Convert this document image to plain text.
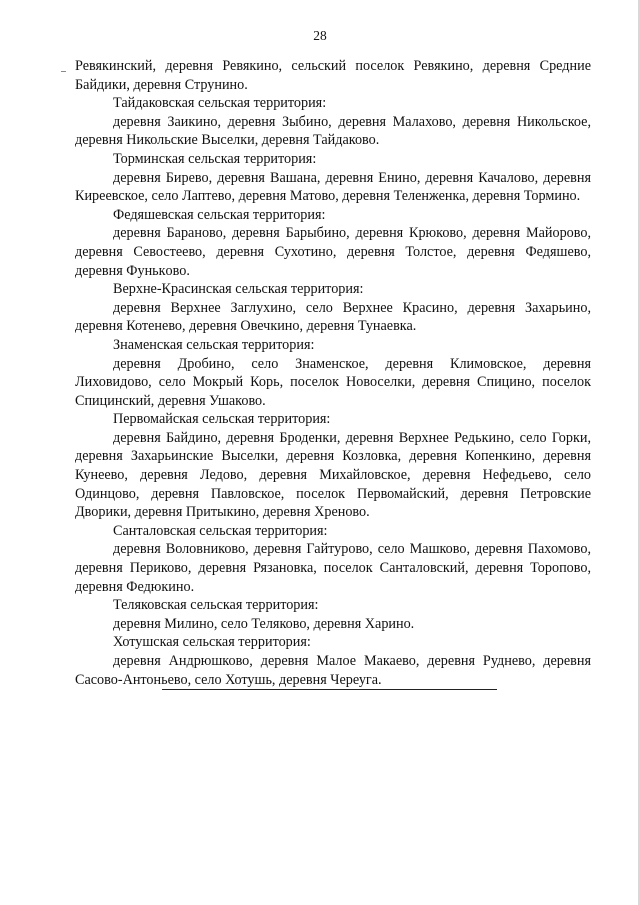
28

Ревякинский, деревня Ревякино, сельский поселок Ревякино, деревня Средние Байдики, деревня Струнино.

Тайдаковская сельская территория:

деревня Заикино, деревня Зыбино, деревня Малахово, деревня Никольское, деревня Никольские Выселки, деревня Тайдаково.

Торминская сельская территория:

деревня Бирево, деревня Вашана, деревня Енино, деревня Качалово, деревня Киреевское, село Лаптево, деревня Матово, деревня Теленженка, деревня Тормино.

Федяшевская сельская территория:

деревня Бараново, деревня Барыбино, деревня Крюково, деревня Майорово, деревня Севостеево, деревня Сухотино, деревня Толстое, деревня Федяшево, деревня Фунькoво.

Верхне-Красинская сельская территория:

деревня Верхнее Заглухино, село Верхнее Красино, деревня Захарьино, деревня Котенево, деревня Овечкино, деревня Тунаевка.

Знаменская сельская территория:

деревня Дробино, село Знаменское, деревня Климовское, деревня Лиховидово, село Мокрый Корь, поселок Новоселки, деревня Спицино, поселок Спицинский, деревня Ушаково.

Первомайская сельская территория:

деревня Байдино, деревня Броденки, деревня Верхнее Редькино, село Горки, деревня Захарьинские Выселки, деревня Козловка, деревня Копенкино, деревня Кунеево, деревня Ледово, деревня Михайловское, деревня Нефедьево, село Одинцово, деревня Павловское, поселок Первомайский, деревня Петровские Дворики, деревня Притыкино, деревня Хреново.

Санталовская сельская территория:

деревня Воловниково, деревня Гайтурово, село Машково, деревня Пахомово, деревня Периково, деревня Рязановка, поселок Санталовский, деревня Торопово, деревня Федюкино.

Теляковская сельская территория:

деревня Милино, село Теляково, деревня Харино.

Хотушская сельская территория:

деревня Андрюшково, деревня Малое Макаево, деревня Руднево, деревня Сасово-Антоньево, село Хотушь, деревня Череуга.
